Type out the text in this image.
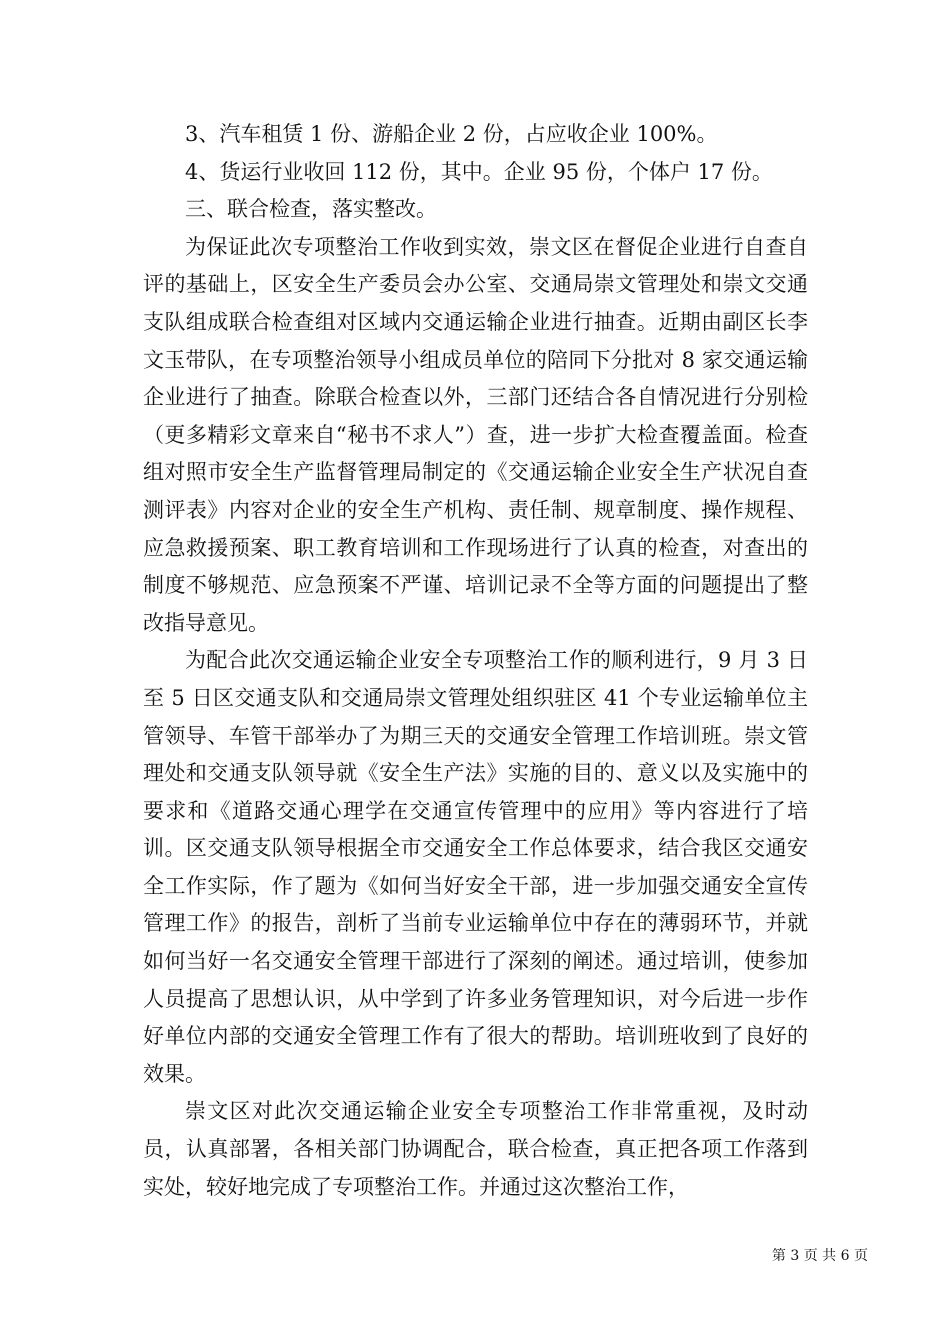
3、汽车租赁 1 份、游船企业 2 份，占应收企业 100%。

4、货运行业收回 112 份，其中。企业 95 份，个体户 17 份。

三、联合检查，落实整改。

为保证此次专项整治工作收到实效，崇文区在督促企业进行自查自评的基础上，区安全生产委员会办公室、交通局崇文管理处和崇文交通支队组成联合检查组对区域内交通运输企业进行抽查。近期由副区长李文玉带队，在专项整治领导小组成员单位的陪同下分批对 8 家交通运输企业进行了抽查。除联合检查以外，三部门还结合各自情况进行分别检（更多精彩文章来自“秘书不求人”）查，进一步扩大检查覆盖面。检查组对照市安全生产监督管理局制定的《交通运输企业安全生产状况自查测评表》内容对企业的安全生产机构、责任制、规章制度、操作规程、应急救援预案、职工教育培训和工作现场进行了认真的检查，对查出的制度不够规范、应急预案不严谨、培训记录不全等方面的问题提出了整改指导意见。

为配合此次交通运输企业安全专项整治工作的顺利进行，9 月 3 日至 5 日区交通支队和交通局崇文管理处组织驻区 41 个专业运输单位主管领导、车管干部举办了为期三天的交通安全管理工作培训班。崇文管理处和交通支队领导就《安全生产法》实施的目的、意义以及实施中的要求和《道路交通心理学在交通宣传管理中的应用》等内容进行了培训。区交通支队领导根据全市交通安全工作总体要求，结合我区交通安全工作实际，作了题为《如何当好安全干部，进一步加强交通安全宣传管理工作》的报告，剖析了当前专业运输单位中存在的薄弱环节，并就如何当好一名交通安全管理干部进行了深刻的阐述。通过培训，使参加人员提高了思想认识，从中学到了许多业务管理知识，对今后进一步作好单位内部的交通安全管理工作有了很大的帮助。培训班收到了良好的效果。

崇文区对此次交通运输企业安全专项整治工作非常重视，及时动员，认真部署，各相关部门协调配合，联合检查，真正把各项工作落到实处，较好地完成了专项整治工作。并通过这次整治工作，

第 3 页 共 6 页
